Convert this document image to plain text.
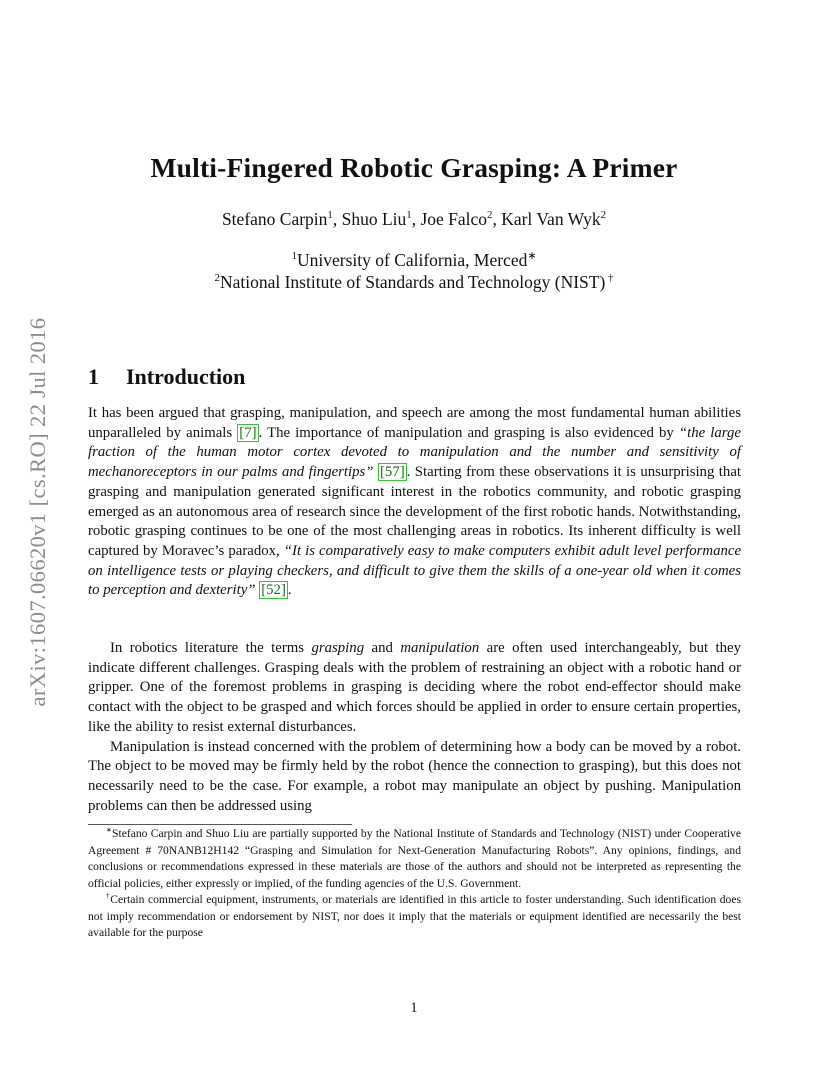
arXiv:1607.06620v1 [cs.RO] 22 Jul 2016
Multi-Fingered Robotic Grasping: A Primer
Stefano Carpin$^1$, Shuo Liu$^1$, Joe Falco$^2$, Karl Van Wyk$^2$
$^1$University of California, Merced∗
$^2$National Institute of Standards and Technology (NIST) †
1 Introduction

It has been argued that grasping, manipulation, and speech are among the most fundamental human abilities unparalleled by animals [7] . The importance of manipulation and grasping is also evidenced by “the large fraction of the human motor cortex devoted to manipulation and the number and sensitivity of mechanoreceptors in our palms and fingertips” [57] . Starting from these observations it is unsurprising that grasping and manipulation generated significant interest in the robotics community, and robotic grasping emerged as an autonomous area of research since the development of the first robotic hands. Notwithstanding, robotic grasping continues to be one of the most challenging areas in robotics. Its inherent difficulty is well captured by Moravec’s paradox, “It is comparatively easy to make computers exhibit adult level performance on intelligence tests or playing checkers, and difficult to give them the skills of a one-year old when it comes to perception and dexterity” [52] .

In robotics literature the terms grasping and manipulation are often used interchangeably, but they indicate different challenges. Grasping deals with the problem of restraining an object with a robotic hand or gripper. One of the foremost problems in grasping is deciding where the robot end-effector should make contact with the object to be grasped and which forces should be applied in order to ensure certain properties, like the ability to resist external disturbances.

Manipulation is instead concerned with the problem of determining how a body can be moved by a robot. The object to be moved may be firmly held by the robot (hence the connection to grasping), but this does not necessarily need to be the case. For example, a robot may manipulate an object by pushing. Manipulation problems can then be addressed using

∗Stefano Carpin and Shuo Liu are partially supported by the National Institute of Standards and Technology (NIST) under Cooperative Agreement # 70NANB12H142 “Grasping and Simulation for Next-Generation Manufacturing Robots”. Any opinions, findings, and conclusions or recommendations expressed in these materials are those of the authors and should not be interpreted as representing the official policies, either expressly or implied, of the funding agencies of the U.S. Government.

†Certain commercial equipment, instruments, or materials are identified in this article to foster understanding. Such identification does not imply recommendation or endorsement by NIST, nor does it imply that the materials or equipment identified are necessarily the best available for the purpose

1
